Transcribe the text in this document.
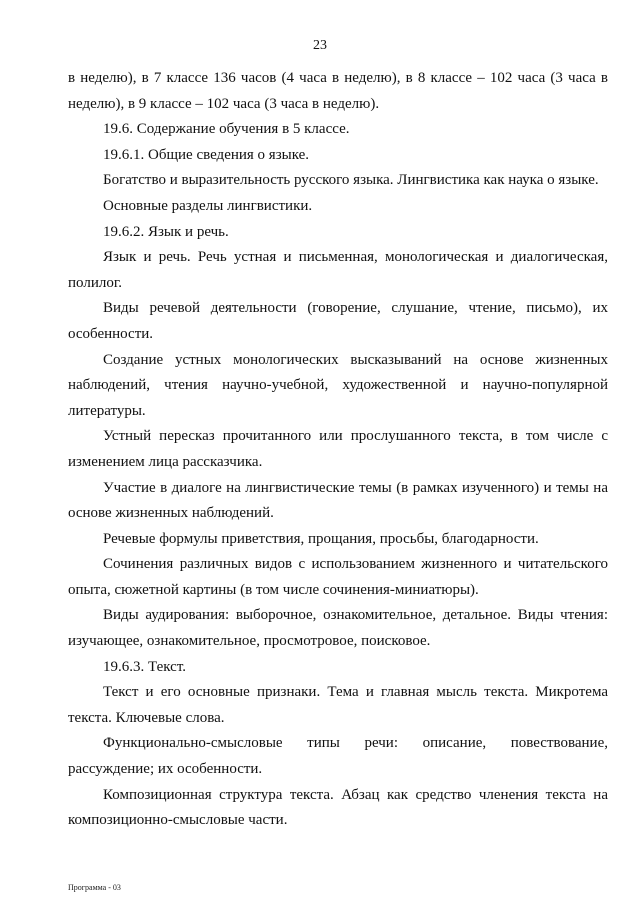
23

в неделю), в 7 классе 136 часов (4 часа в неделю), в 8 классе – 102 часа (3 часа в неделю), в 9 классе – 102 часа (3 часа в неделю).

19.6. Содержание обучения в 5 классе.

19.6.1. Общие сведения о языке.

Богатство и выразительность русского языка. Лингвистика как наука о языке.

Основные разделы лингвистики.

19.6.2. Язык и речь.

Язык и речь. Речь устная и письменная, монологическая и диалогическая, полилог.

Виды речевой деятельности (говорение, слушание, чтение, письмо), их особенности.

Создание устных монологических высказываний на основе жизненных наблюдений, чтения научно-учебной, художественной и научно-популярной литературы.

Устный пересказ прочитанного или прослушанного текста, в том числе с изменением лица рассказчика.

Участие в диалоге на лингвистические темы (в рамках изученного) и темы на основе жизненных наблюдений.

Речевые формулы приветствия, прощания, просьбы, благодарности.

Сочинения различных видов с использованием жизненного и читательского опыта, сюжетной картины (в том числе сочинения-миниатюры).

Виды аудирования: выборочное, ознакомительное, детальное. Виды чтения: изучающее, ознакомительное, просмотровое, поисковое.

19.6.3. Текст.

Текст и его основные признаки. Тема и главная мысль текста. Микротема текста. Ключевые слова.

Функционально-смысловые типы речи: описание, повествование, рассуждение; их особенности.

Композиционная структура текста. Абзац как средство членения текста на композиционно-смысловые части.

Программа - 03
